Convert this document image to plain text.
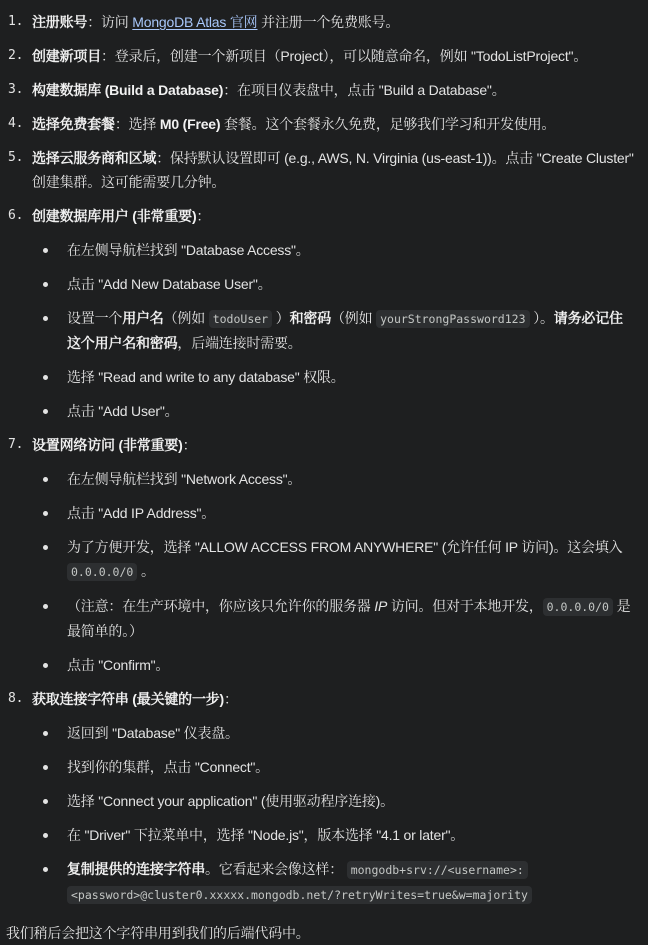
1. 注册账号：访问 MongoDB Atlas 官网 并注册一个免费账号。
2. 创建新项目：登录后，创建一个新项目（Project），可以随意命名，例如 "TodoListProject"。
3. 构建数据库 (Build a Database)：在项目仪表盘中，点击 "Build a Database"。
4. 选择免费套餐：选择 M0 (Free) 套餐。这个套餐永久免费，足够我们学习和开发使用。
5. 选择云服务商和区域：保持默认设置即可 (e.g., AWS, N. Virginia (us-east-1))。点击 "Create Cluster" 创建集群。这可能需要几分钟。
6. 创建数据库用户 (非常重要)：
在左侧导航栏找到 "Database Access"。
点击 "Add New Database User"。
设置一个用户名（例如 todoUser ）和密码（例如 yourStrongPassword123 ）。请务必记住这个用户名和密码，后端连接时需要。
选择 "Read and write to any database" 权限。
点击 "Add User"。
7. 设置网络访问 (非常重要)：
在左侧导航栏找到 "Network Access"。
点击 "Add IP Address"。
为了方便开发，选择 "ALLOW ACCESS FROM ANYWHERE" (允许任何 IP 访问)。这会填入 0.0.0.0/0 。
（注意：在生产环境中，你应该只允许你的服务器 IP 访问。但对于本地开发， 0.0.0.0/0 是最简单的。）
点击 "Confirm"。
8. 获取连接字符串 (最关键的一步)：
返回到 "Database" 仪表盘。
找到你的集群，点击 "Connect"。
选择 "Connect your application" (使用驱动程序连接)。
在 "Driver" 下拉菜单中，选择 "Node.js"，版本选择 "4.1 or later"。
复制提供的连接字符串。它看起来会像这样： mongodb+srv://<username>:<password>@cluster0.xxxxx.mongodb.net/?retryWrites=true&w=majority

我们稍后会把这个字符串用到我们的后端代码中。
